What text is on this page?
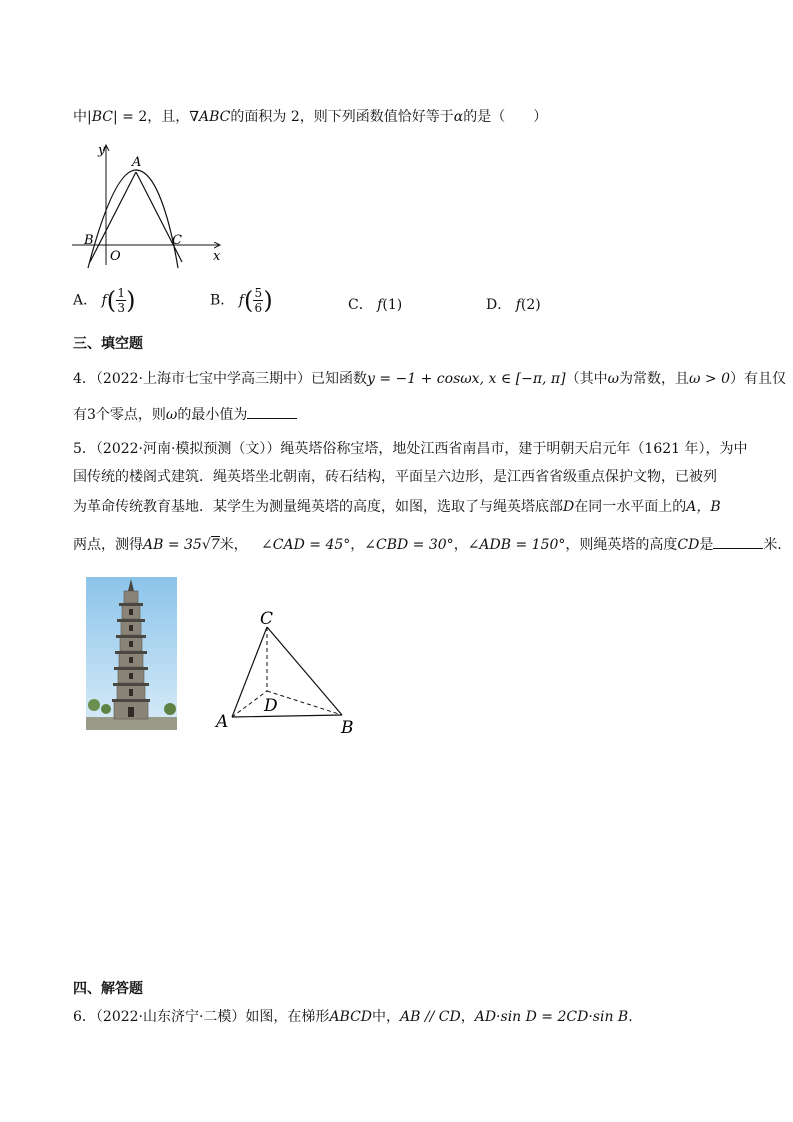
中|BC| = 2，且，∇ABC的面积为 2，则下列函数值恰好等于α的是（　　）
y
A
B	C
O	x
A． $f( \frac{1}{3}$ )	B． $f( \frac{5}{6}$ )	C． f(1)	D． f(2)
三、填空题
4．（2022·上海市七宝中学高三期中）已知函数y = −1 + cosωx, x ∈ [−π, π]（其中ω为常数，且ω > 0）有且仅
有3个零点，则ω的最小值为
5．（2022·河南·模拟预测（文））绳英塔俗称宝塔，地处江西省南昌市，建于明朝天启元年（1621 年），为中
国传统的楼阁式建筑．绳英塔坐北朝南，砖石结构，平面呈六边形，是江西省省级重点保护文物，已被列
为革命传统教育基地．某学生为测量绳英塔的高度，如图，选取了与绳英塔底部D在同一水平面上的A，B
两点，测得AB = 35√7米， ∠CAD = 45°，∠CBD = 30°，∠ADB = 150°，则绳英塔的高度CD是	米．
C
D
A	B
四、解答题
6．（2022·山东济宁·二模）如图，在梯形ABCD中，AB // CD，AD·sin D = 2CD·sin B.
